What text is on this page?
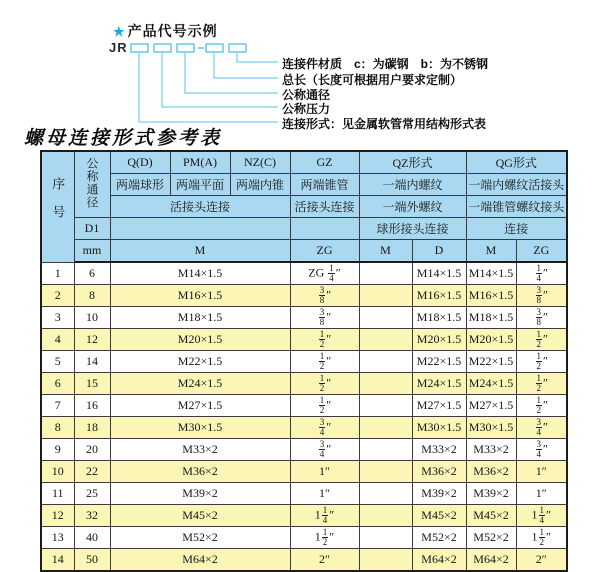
★ 产品代号示例
JR
连接件材质　c：为碳钢　b：为不锈钢
总长（长度可根据用户要求定制）
公称通径
公称压力
连接形式：见金属软管常用结构形式表
螺母连接形式参考表
序号	公称通径	Q(D)	PM(A)	NZ(C)	GZ	QZ形式		QG形式	
		两端球形	两端平面	两端内锥	两端锥管	一端内螺纹		一端内螺纹活接头	
		活接头连接			活接头连接	一端外螺纹		一端锥管螺纹接头	
	D1					球形接头连接		连接	
	mm	M			ZG	M	D	M	ZG
1	6	M14×1.5			ZG $\frac{1}{4}$ ″		M14×1.5	M14×1.5	$\frac{1}{4}$ ″
2	8	M16×1.5			$\frac{3}{8}$ ″		M16×1.5	M16×1.5	$\frac{3}{8}$ ″
3	10	M18×1.5			$\frac{3}{8}$ ″		M18×1.5	M18×1.5	$\frac{3}{8}$ ″
4	12	M20×1.5			$\frac{1}{2}$ ″		M20×1.5	M20×1.5	$\frac{1}{2}$ ″
5	14	M22×1.5			$\frac{1}{2}$ ″		M22×1.5	M22×1.5	$\frac{1}{2}$ ″
6	15	M24×1.5			$\frac{1}{2}$ ″		M24×1.5	M24×1.5	$\frac{1}{2}$ ″
7	16	M27×1.5			$\frac{1}{2}$ ″		M27×1.5	M27×1.5	$\frac{1}{2}$ ″
8	18	M30×1.5			$\frac{3}{4}$ ″		M30×1.5	M30×1.5	$\frac{3}{4}$ ″
9	20	M33×2			$\frac{3}{4}$ ″		M33×2	M33×2	$\frac{3}{4}$ ″
10	22	M36×2			1″		M36×2	M36×2	1″
11	25	M39×2			1″		M39×2	M39×2	1″
12	32	M45×2			$1 \frac{1}{4}$ ″		M45×2	M45×2	$1 \frac{1}{4}$ ″
13	40	M52×2			$1 \frac{1}{2}$ ″		M52×2	M52×2	$1 \frac{1}{2}$ ″
14	50	M64×2			2″		M64×2	M64×2	2″
